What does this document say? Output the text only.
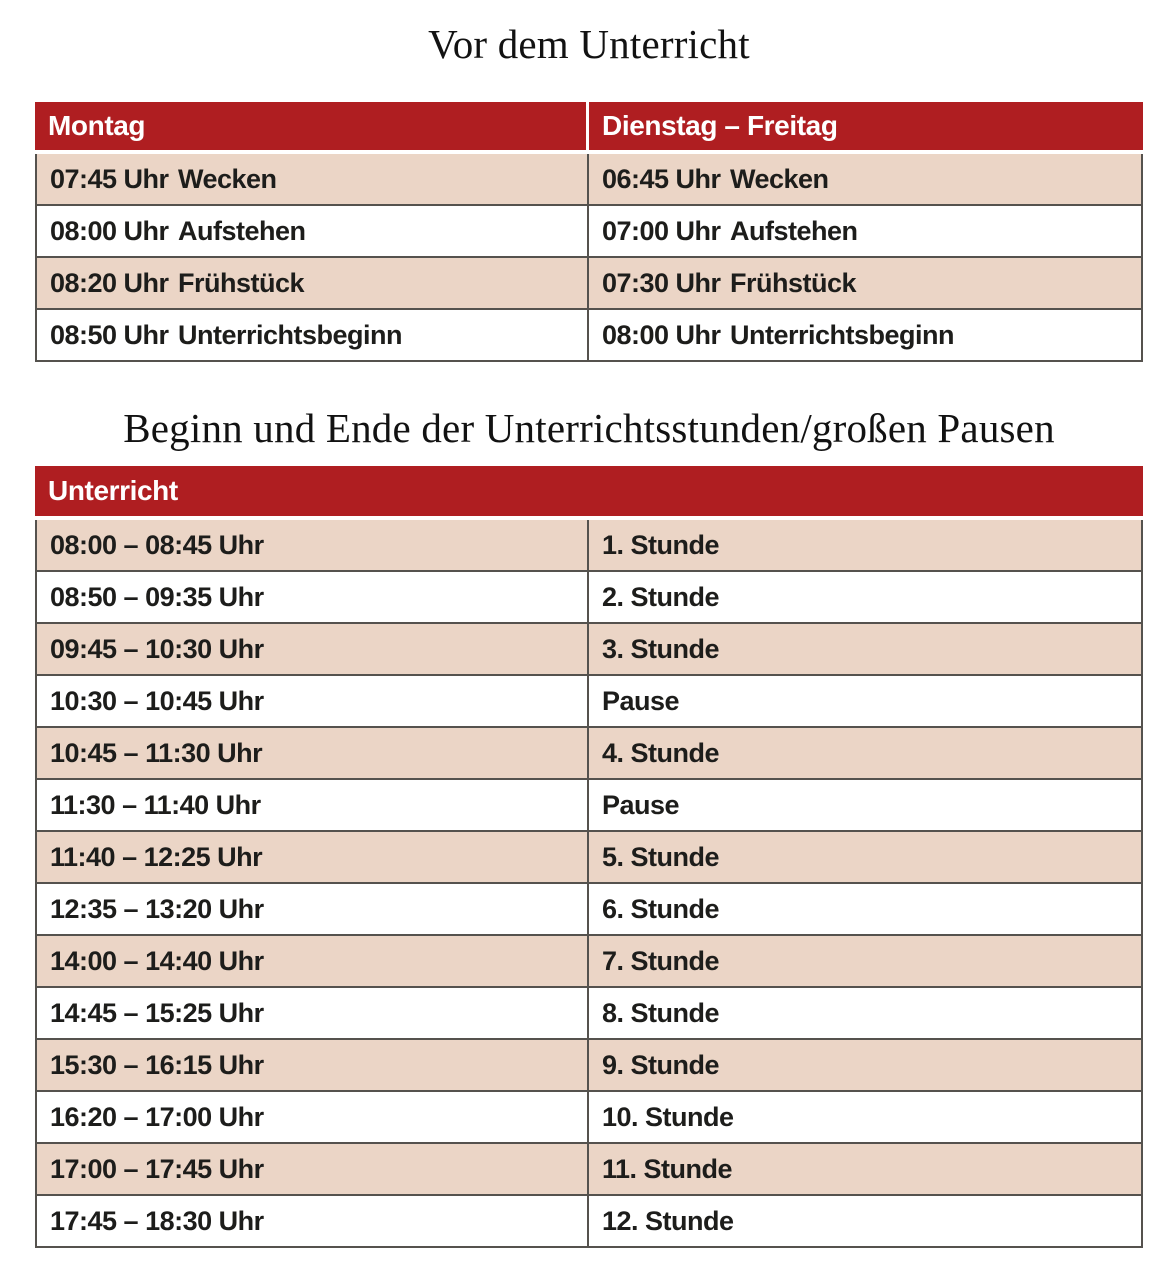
Vor dem Unterricht
Montag	Dienstag – Freitag
07:45 Uhr Wecken	06:45 Uhr Wecken
08:00 Uhr Aufstehen	07:00 Uhr Aufstehen
08:20 Uhr Frühstück	07:30 Uhr Frühstück
08:50 Uhr Unterrichtsbeginn	08:00 Uhr Unterrichtsbeginn
Beginn und Ende der Unterrichtsstunden/großen Pausen
Unterricht
08:00 – 08:45 Uhr	1. Stunde
08:50 – 09:35 Uhr	2. Stunde
09:45 – 10:30 Uhr	3. Stunde
10:30 – 10:45 Uhr	Pause
10:45 – 11:30 Uhr	4. Stunde
11:30 – 11:40 Uhr	Pause
11:40 – 12:25 Uhr	5. Stunde
12:35 – 13:20 Uhr	6. Stunde
14:00 – 14:40 Uhr	7. Stunde
14:45 – 15:25 Uhr	8. Stunde
15:30 – 16:15 Uhr	9. Stunde
16:20 – 17:00 Uhr	10. Stunde
17:00 – 17:45 Uhr	11. Stunde
17:45 – 18:30 Uhr	12. Stunde
